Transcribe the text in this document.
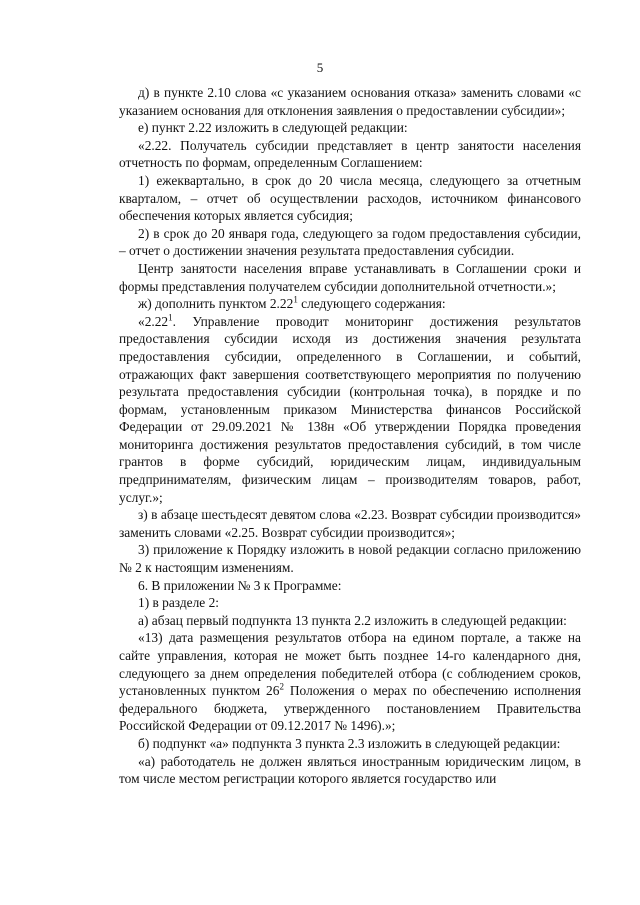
5

д) в пункте 2.10 слова «с указанием основания отказа» заменить словами «с указанием основания для отклонения заявления о предоставлении субсидии»;

е) пункт 2.22 изложить в следующей редакции:

«2.22. Получатель субсидии представляет в центр занятости населения отчетность по формам, определенным Соглашением:

1) ежеквартально, в срок до 20 числа месяца, следующего за отчетным кварталом, – отчет об осуществлении расходов, источником финансового обеспечения которых является субсидия;

2) в срок до 20 января года, следующего за годом предоставления субсидии, – отчет о достижении значения результата предоставления субсидии.

Центр занятости населения вправе устанавливать в Соглашении сроки и формы представления получателем субсидии дополнительной отчетности.»;

ж) дополнить пунктом 2.22$^1$ следующего содержания:

«2.22$^1$. Управление проводит мониторинг достижения результатов предоставления субсидии исходя из достижения значения результата предоставления субсидии, определенного в Соглашении, и событий, отражающих факт завершения соответствующего мероприятия по получению результата предоставления субсидии (контрольная точка), в порядке и по формам, установленным приказом Министерства финансов Российской Федерации от 29.09.2021 № 138н «Об утверждении Порядка проведения мониторинга достижения результатов предоставления субсидий, в том числе грантов в форме субсидий, юридическим лицам, индивидуальным предпринимателям, физическим лицам – производителям товаров, работ, услуг.»;

з) в абзаце шестьдесят девятом слова «2.23. Возврат субсидии производится» заменить словами «2.25. Возврат субсидии производится»;

3) приложение к Порядку изложить в новой редакции согласно приложению № 2 к настоящим изменениям.

6. В приложении № 3 к Программе:

1) в разделе 2:

а) абзац первый подпункта 13 пункта 2.2 изложить в следующей редакции:

«13) дата размещения результатов отбора на едином портале, а также на сайте управления, которая не может быть позднее 14-го календарного дня, следующего за днем определения победителей отбора (с соблюдением сроков, установленных пунктом $26^2$ Положения о мерах по обеспечению исполнения федерального бюджета, утвержденного постановлением Правительства Российской Федерации от 09.12.2017 № 1496).»;

б) подпункт «а» подпункта 3 пункта 2.3 изложить в следующей редакции:

«а) работодатель не должен являться иностранным юридическим лицом, в том числе местом регистрации которого является государство или
